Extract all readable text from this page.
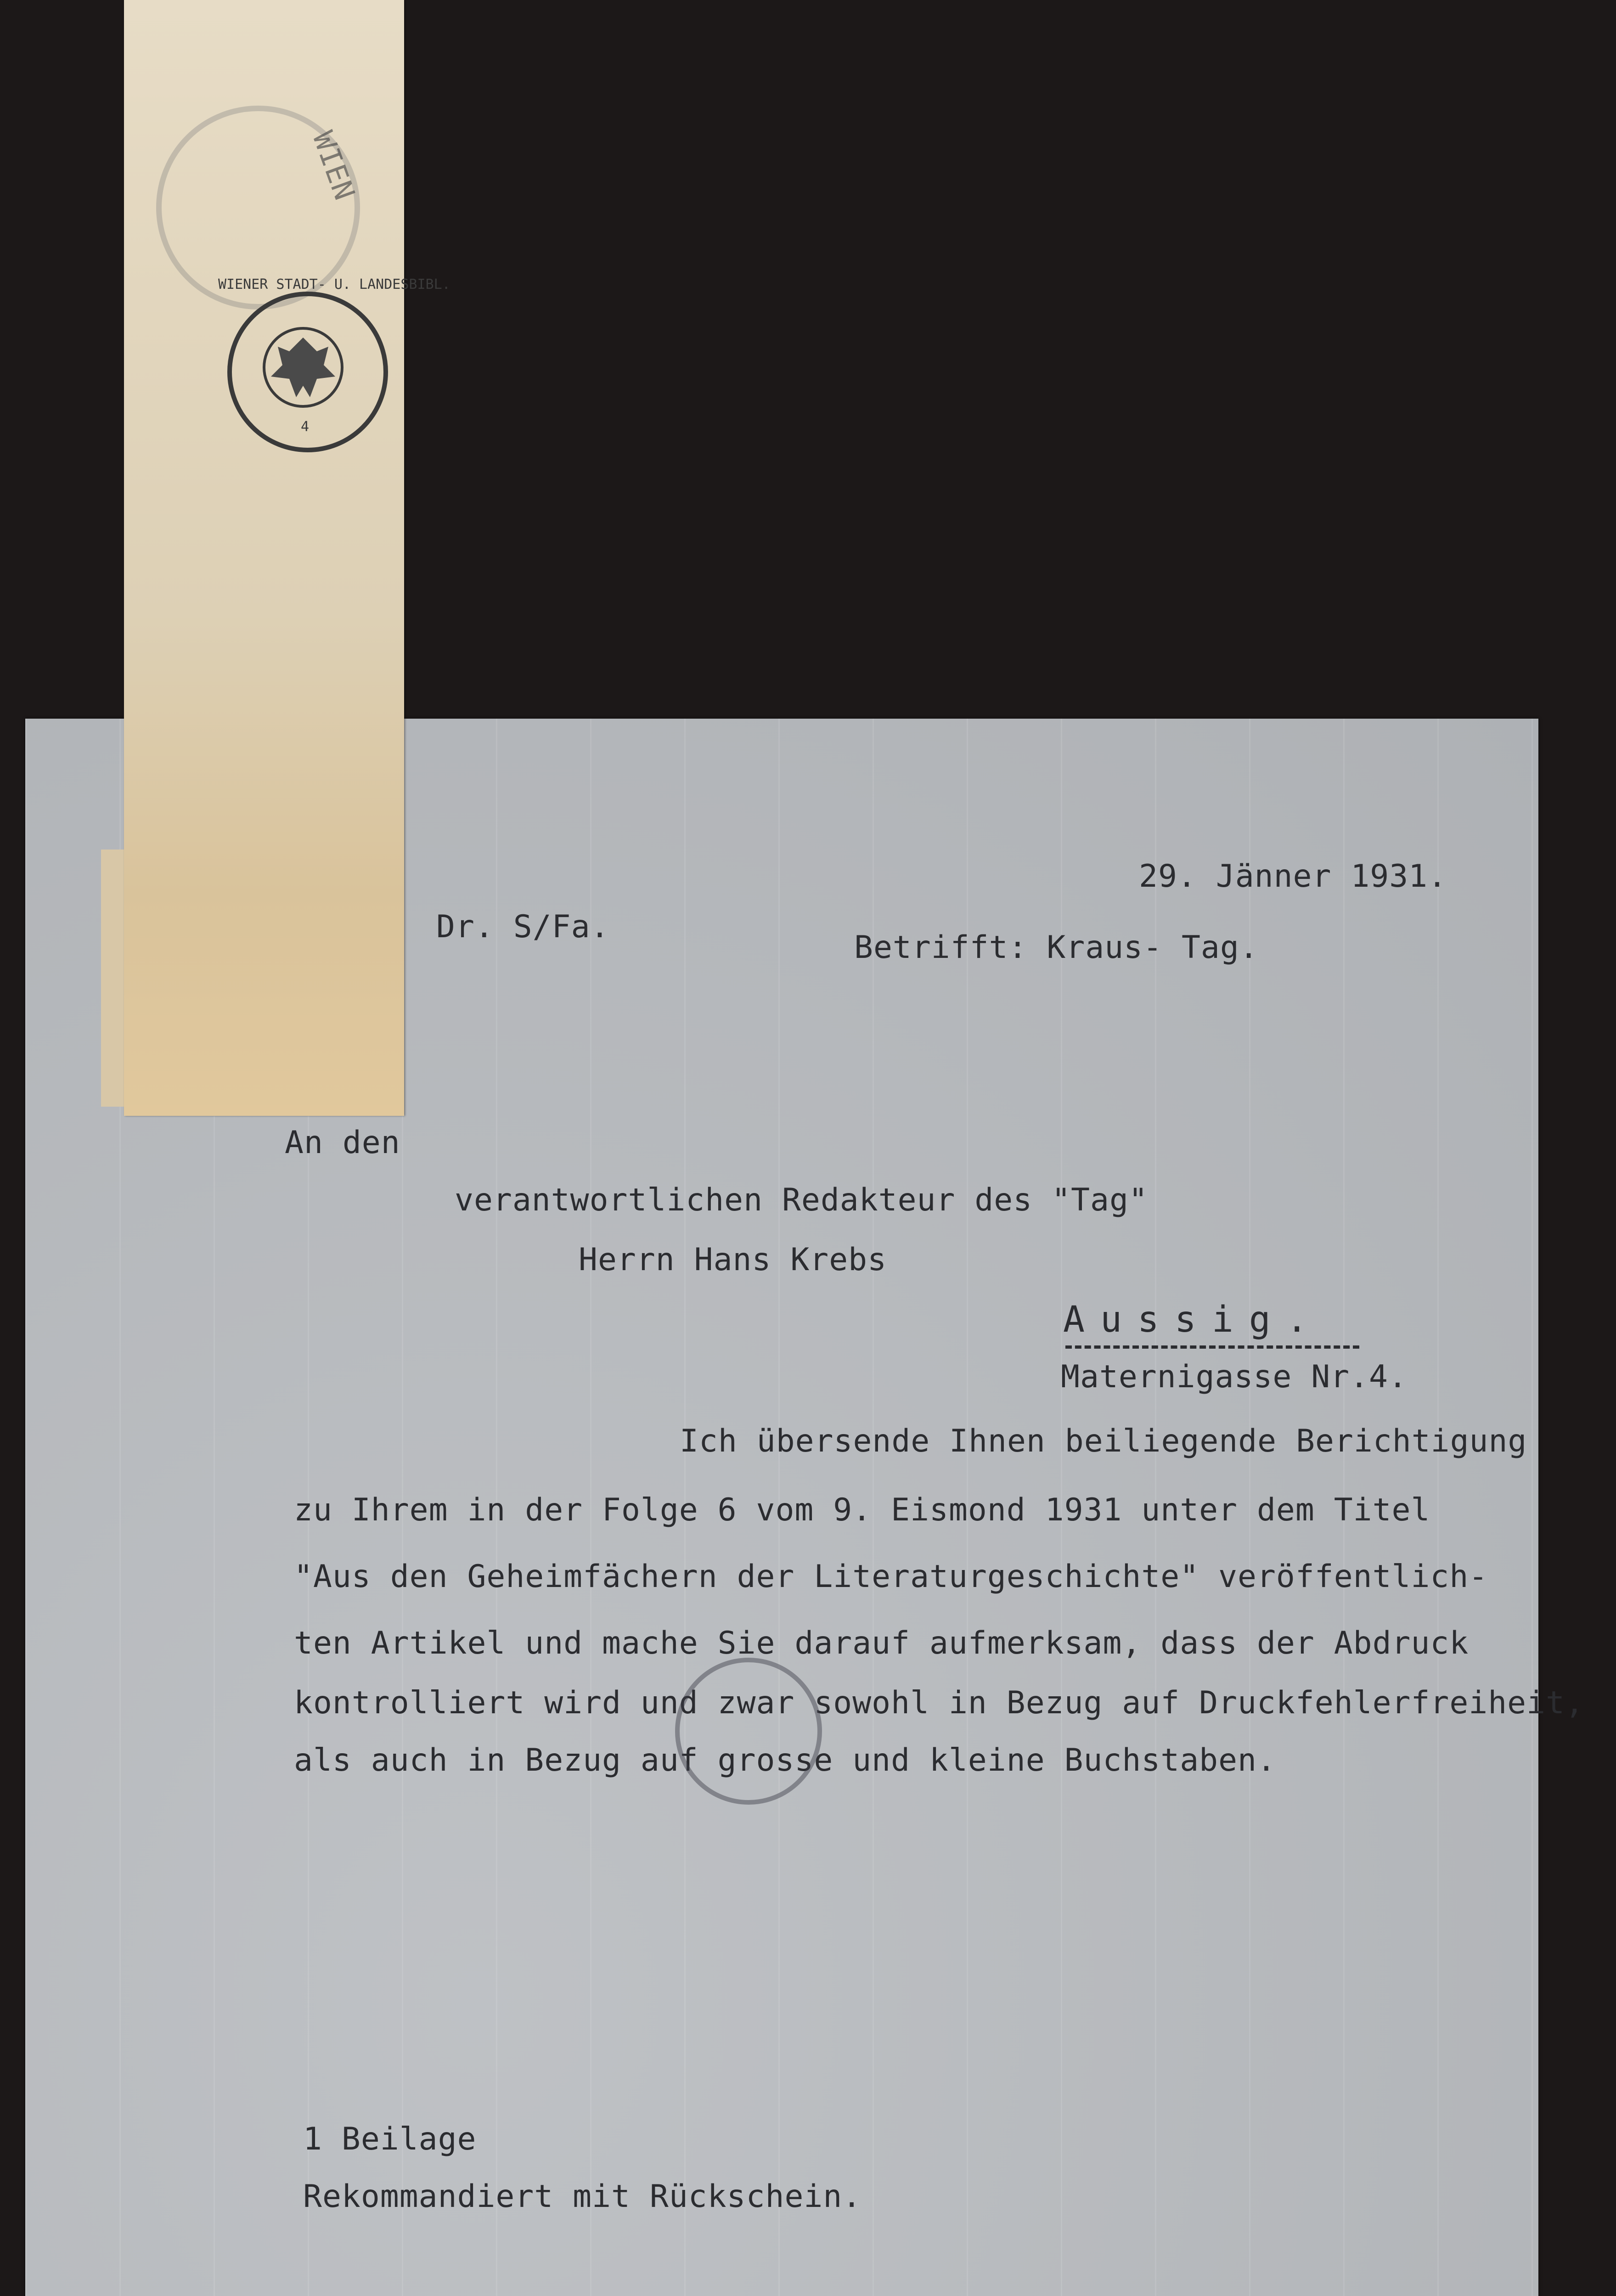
WIEN
WIENER STADT- U. LANDESBIBL.
4
29. Jänner 1931.
Dr. S/Fa.
Betrifft: Kraus- Tag.
An den
verantwortlichen Redakteur des "Tag"
Herrn Hans Krebs
Aussig.
Maternigasse Nr.4.
Ich übersende Ihnen beiliegende Berichtigung
zu Ihrem in der Folge 6 vom 9. Eismond 1931 unter dem Titel
"Aus den Geheimfächern der Literaturgeschichte" veröffentlich-
ten Artikel und mache Sie darauf aufmerksam, dass der Abdruck
kontrolliert wird und zwar sowohl in Bezug auf Druckfehlerfreiheit,
als auch in Bezug auf grosse und kleine Buchstaben.
1 Beilage
Rekommandiert mit Rückschein.
